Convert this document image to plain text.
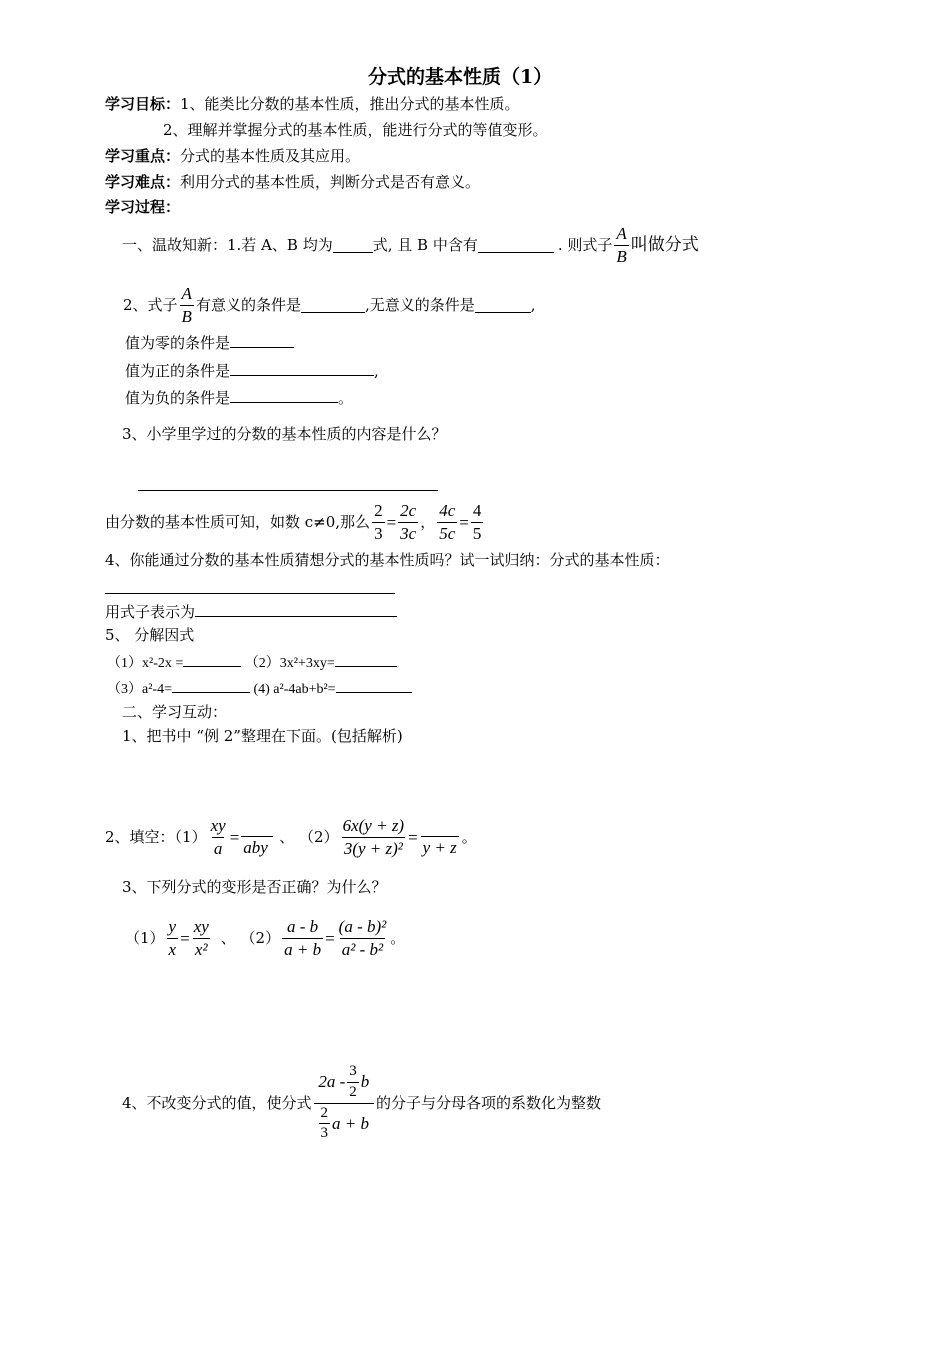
分式的基本性质（1）
学习目标：1、能类比分数的基本性质，推出分式的基本性质。
2、理解并掌握分式的基本性质，能进行分式的等值变形。
学习重点：分式的基本性质及其应用。
学习难点：利用分式的基本性质，判断分式是否有意义。
学习过程：
一、温故知新：1.若 A、B 均为	式, 且 B 中含有	. 则式子 $\frac{A}{B}$ 叫做分式
2、式子 $\frac{A}{B}$ 有意义的条件是	,无意义的条件是	,
值为零的条件是
值为正的条件是	,
值为负的条件是	。
3、小学里学过的分数的基本性质的内容是什么？
由分数的基本性质可知，如数 c≠0,那么 $\frac{2}{3} = \frac{2c}{3c}$ ， $\frac{4c}{5c} = \frac{4}{5}$
4、你能通过分数的基本性质猜想分式的基本性质吗？试一试归纳：分式的基本性质：
用式子表示为
5、 分解因式
（1）x²-2x =	（2）3x²+3xy=
（3）a²-4=	(4) a²-4ab+b²=
二、学习互动：
1、把书中 “例 2”整理在下面。(包括解析)
2、填空：$(1) \frac{xy}{a}$ =
aby
、 $(2) \frac{6x(y + z)}{\text{3(y + z)²}}$ =
y + z
。
3、下列分式的变形是否正确？为什么？
$(1) \frac{y}{x} = \frac{xy}{\text{x²}}$ 、 $(2) \frac{a - b}{a + b} = \frac{\text{(a - b)²}}{\text{a² - b²}}$ 。
4、不改变分式的值，使分式 $\frac{2a - \frac{3}{2} b}{\frac{2}{3} a + b}$ 的分子与分母各项的系数化为整数
